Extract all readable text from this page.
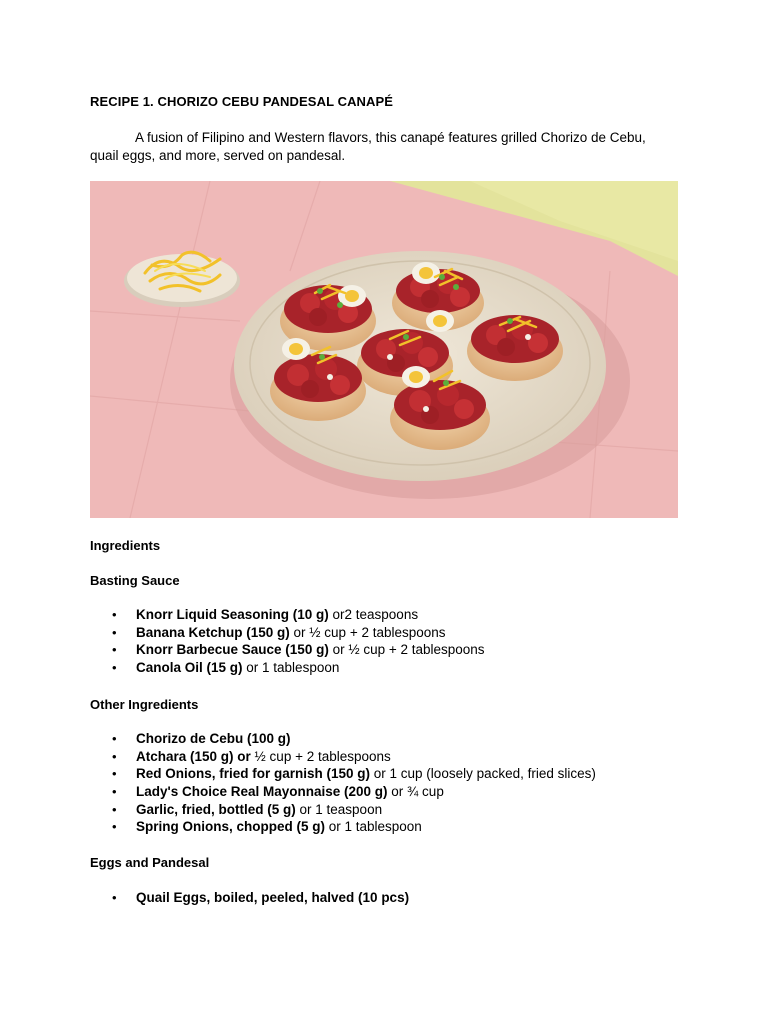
RECIPE 1. CHORIZO CEBU PANDESAL CANAPÉ

A fusion of Filipino and Western flavors, this canapé features grilled Chorizo de Cebu, quail eggs, and more, served on pandesal.

Ingredients
Basting Sauce
• Knorr Liquid Seasoning (10 g) or2 teaspoons
• Banana Ketchup (150 g) or ½ cup + 2 tablespoons
• Knorr Barbecue Sauce (150 g) or ½ cup + 2 tablespoons
• Canola Oil (15 g) or 1 tablespoon
Other Ingredients
• Chorizo de Cebu (100 g)
• Atchara (150 g) or ½ cup + 2 tablespoons
• Red Onions, fried for garnish (150 g) or 1 cup (loosely packed, fried slices)
• Lady's Choice Real Mayonnaise (200 g) or ¾ cup
• Garlic, fried, bottled (5 g) or 1 teaspoon
• Spring Onions, chopped (5 g) or 1 tablespoon
Eggs and Pandesal
• Quail Eggs, boiled, peeled, halved (10 pcs)
